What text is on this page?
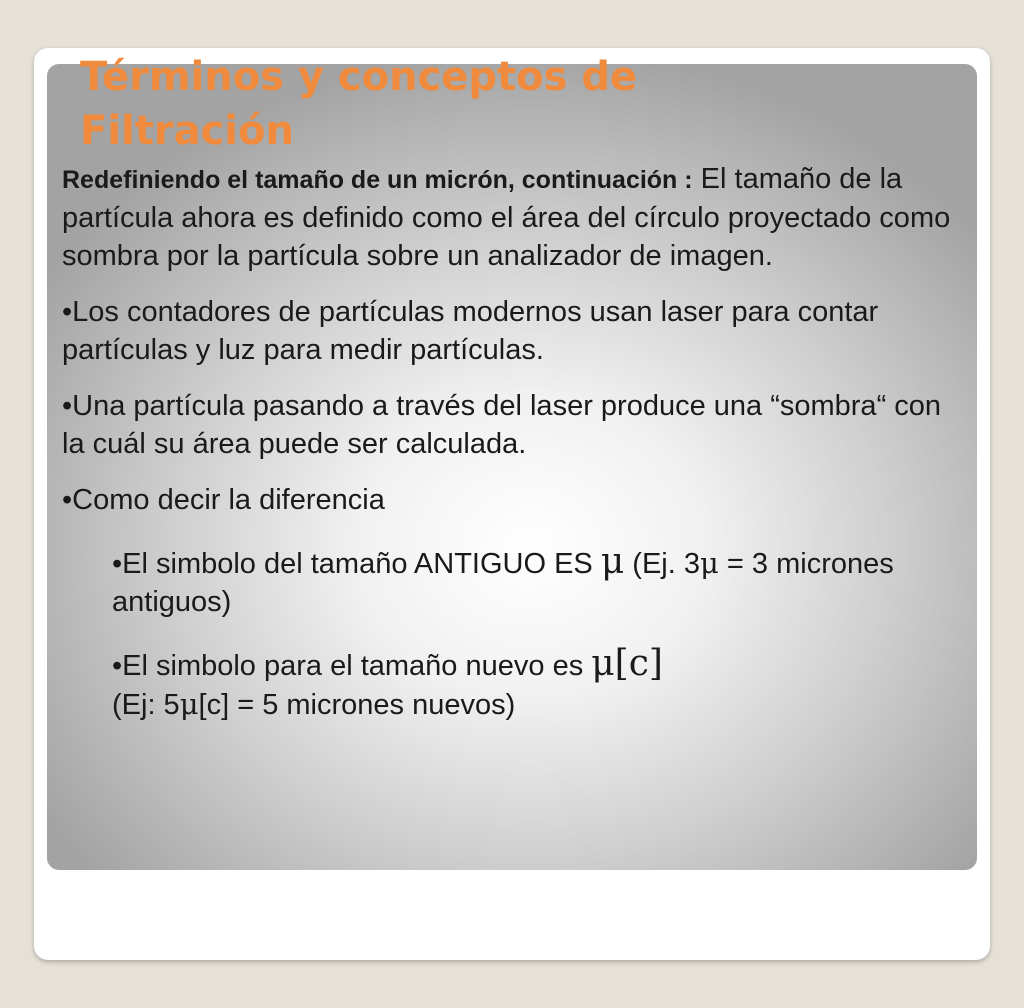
Términos y conceptos de
Filtración

Redefiniendo el tamaño de un micrón, continuación : El tamaño de la partícula ahora es definido como el área del círculo proyectado como sombra por la partícula sobre un analizador de imagen.

•Los contadores de partículas modernos usan laser para contar partículas y luz para medir partículas.

•Una partícula pasando a través del laser produce una “sombra“ con la cuál su área puede ser calculada.

•Como decir la diferencia

•El simbolo del tamaño ANTIGUO ES μ (Ej. 3μ = 3 micrones antiguos)

•El simbolo para el tamaño nuevo es μ[c]
(Ej: 5μ[c] = 5 micrones nuevos)
